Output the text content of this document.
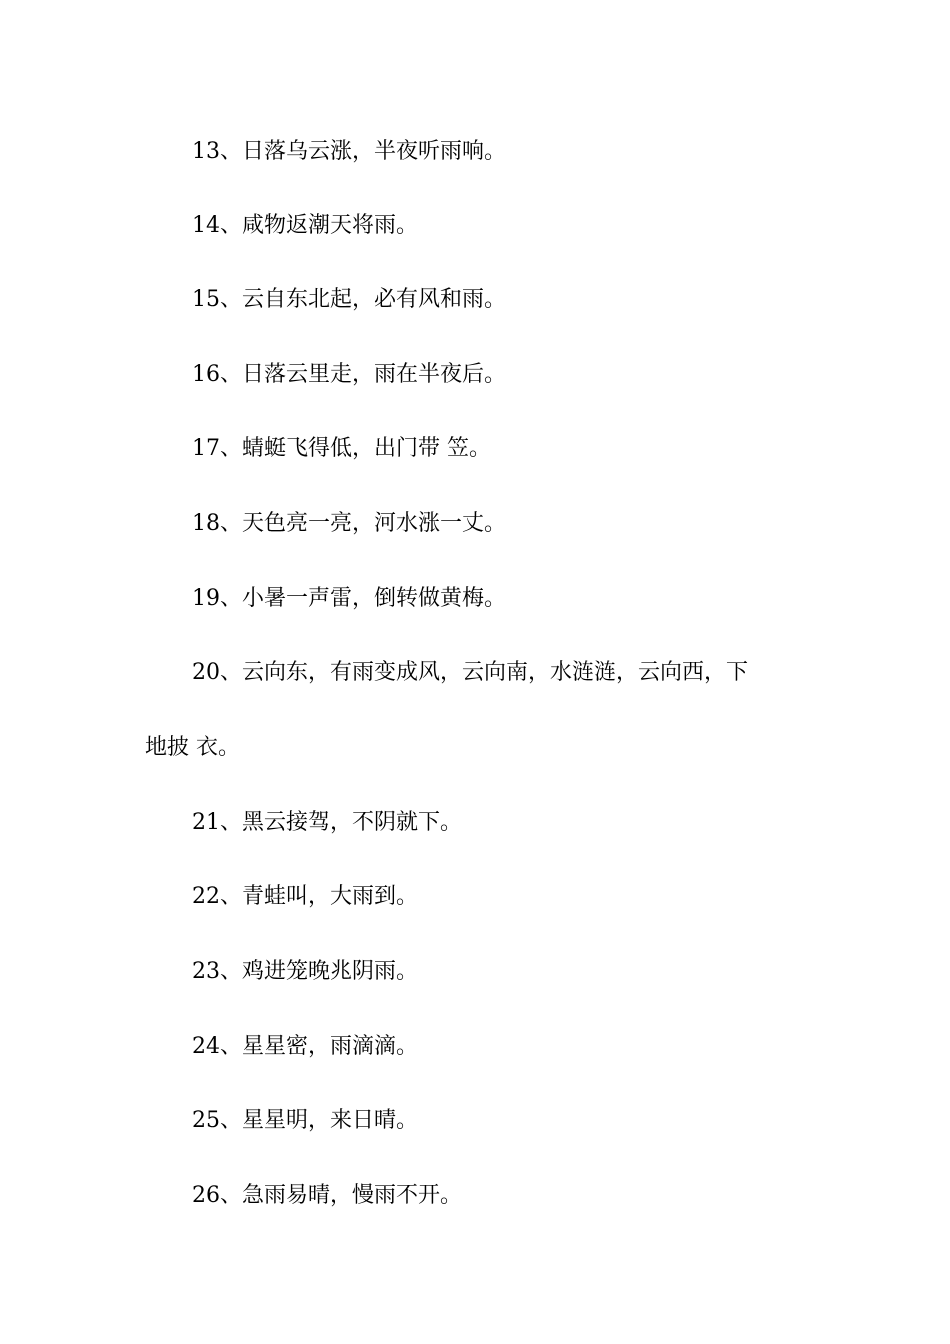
13、日落乌云涨，半夜听雨响。
14、咸物返潮天将雨。
15、云自东北起，必有风和雨。
16、日落云里走，雨在半夜后。
17、蜻蜓飞得低，出门带 笠。
18、天色亮一亮，河水涨一丈。
19、小暑一声雷，倒转做黄梅。
20、云向东，有雨变成风，云向南，水涟涟，云向西，下
地披 衣。
21、黑云接驾，不阴就下。
22、青蛙叫，大雨到。
23、鸡进笼晚兆阴雨。
24、星星密，雨滴滴。
25、星星明，来日晴。
26、急雨易晴，慢雨不开。
